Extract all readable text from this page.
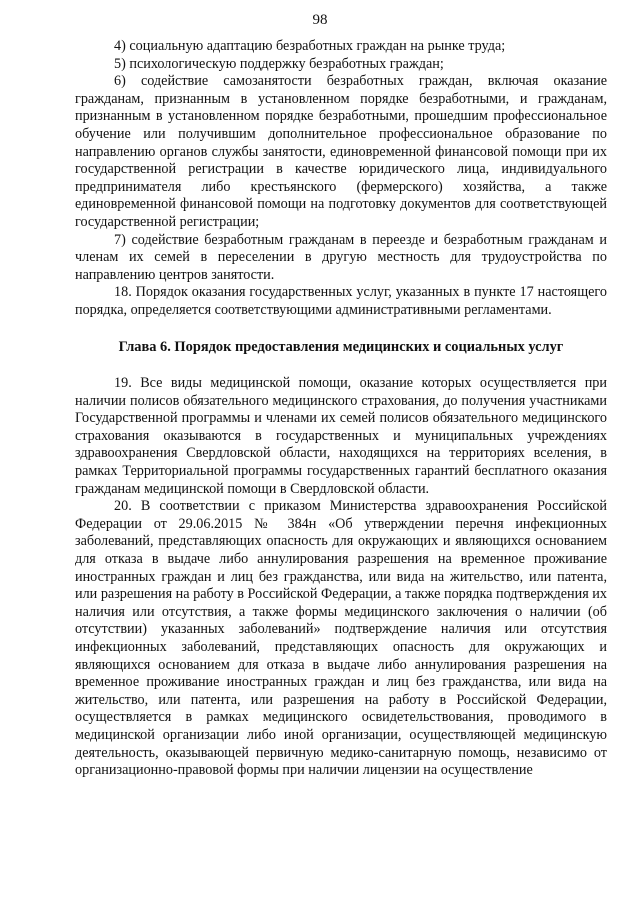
98

4) социальную адаптацию безработных граждан на рынке труда;

5) психологическую поддержку безработных граждан;

6) содействие самозанятости безработных граждан, включая оказание гражданам, признанным в установленном порядке безработными, и гражданам, признанным в установленном порядке безработными, прошедшим профессиональное обучение или получившим дополнительное профессиональное образование по направлению органов службы занятости, единовременной финансовой помощи при их государственной регистрации в качестве юридического лица, индивидуального предпринимателя либо крестьянского (фермерского) хозяйства, а также единовременной финансовой помощи на подготовку документов для соответствующей государственной регистрации;

7) содействие безработным гражданам в переезде и безработным гражданам и членам их семей в переселении в другую местность для трудоустройства по направлению центров занятости.

18. Порядок оказания государственных услуг, указанных в пункте 17 настоящего порядка, определяется соответствующими административными регламентами.

Глава 6. Порядок предоставления медицинских и социальных услуг

19. Все виды медицинской помощи, оказание которых осуществляется при наличии полисов обязательного медицинского страхования, до получения участниками Государственной программы и членами их семей полисов обязательного медицинского страхования оказываются в государственных и муниципальных учреждениях здравоохранения Свердловской области, находящихся на территориях вселения, в рамках Территориальной программы государственных гарантий бесплатного оказания гражданам медицинской помощи в Свердловской области.

20. В соответствии с приказом Министерства здравоохранения Российской Федерации от 29.06.2015 № 384н «Об утверждении перечня инфекционных заболеваний, представляющих опасность для окружающих и являющихся основанием для отказа в выдаче либо аннулирования разрешения на временное проживание иностранных граждан и лиц без гражданства, или вида на жительство, или патента, или разрешения на работу в Российской Федерации, а также порядка подтверждения их наличия или отсутствия, а также формы медицинского заключения о наличии (об отсутствии) указанных заболеваний» подтверждение наличия или отсутствия инфекционных заболеваний, представляющих опасность для окружающих и являющихся основанием для отказа в выдаче либо аннулирования разрешения на временное проживание иностранных граждан и лиц без гражданства, или вида на жительство, или патента, или разрешения на работу в Российской Федерации, осуществляется в рамках медицинского освидетельствования, проводимого в медицинской организации либо иной организации, осуществляющей медицинскую деятельность, оказывающей первичную медико-санитарную помощь, независимо от организационно-правовой формы при наличии лицензии на осуществление
